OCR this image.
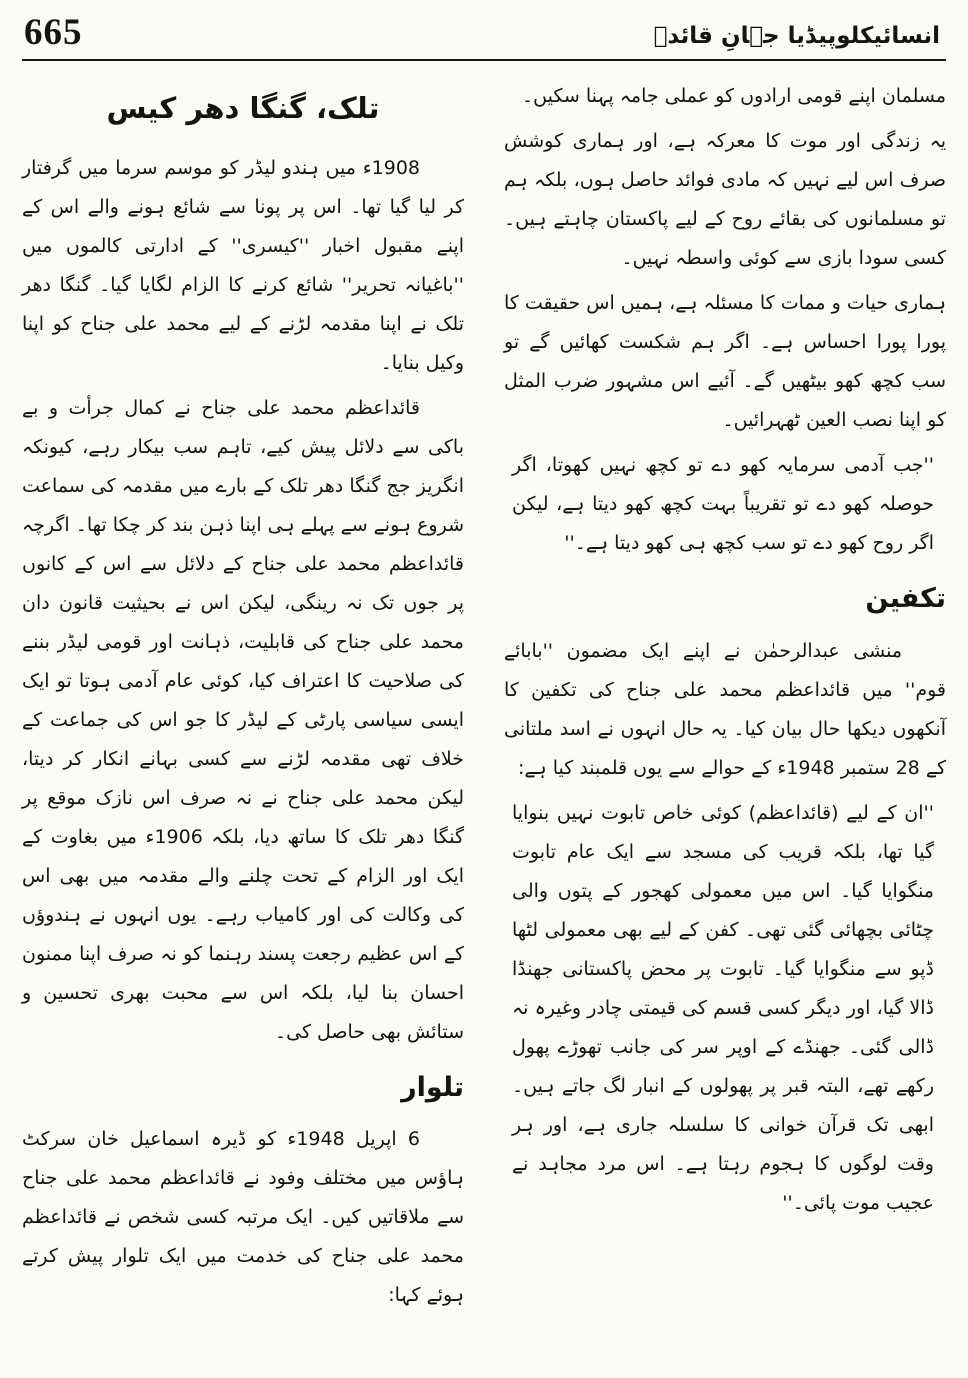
665	انسائیکلوپیڈیا جہانِ قائدؒ

مسلمان اپنے قومی ارادوں کو عملی جامہ پہنا سکیں۔

یہ زندگی اور موت کا معرکہ ہے، اور ہماری کوشش صرف اس لیے نہیں کہ مادی فوائد حاصل ہوں، بلکہ ہم تو مسلمانوں کی بقائے روح کے لیے پاکستان چاہتے ہیں۔ کسی سودا بازی سے کوئی واسطہ نہیں۔

ہماری حیات و ممات کا مسئلہ ہے، ہمیں اس حقیقت کا پورا پورا احساس ہے۔ اگر ہم شکست کھائیں گے تو سب کچھ کھو بیٹھیں گے۔ آئیے اس مشہور ضرب المثل کو اپنا نصب العین ٹھہرائیں۔

''جب آدمی سرمایہ کھو دے تو کچھ نہیں کھوتا، اگر حوصلہ کھو دے تو تقریباً بہت کچھ کھو دیتا ہے، لیکن اگر روح کھو دے تو سب کچھ ہی کھو دیتا ہے۔''

تکفین

منشی عبدالرحمٰن نے اپنے ایک مضمون ''بابائے قوم'' میں قائداعظم محمد علی جناح کی تکفین کا آنکھوں دیکھا حال بیان کیا۔ یہ حال انہوں نے اسد ملتانی کے 28 ستمبر 1948ء کے حوالے سے یوں قلمبند کیا ہے:

''ان کے لیے (قائداعظم) کوئی خاص تابوت نہیں بنوایا گیا تھا، بلکہ قریب کی مسجد سے ایک عام تابوت منگوایا گیا۔ اس میں معمولی کھجور کے پتوں والی چٹائی بچھائی گئی تھی۔ کفن کے لیے بھی معمولی لٹھا ڈپو سے منگوایا گیا۔ تابوت پر محض پاکستانی جھنڈا ڈالا گیا، اور دیگر کسی قسم کی قیمتی چادر وغیرہ نہ ڈالی گئی۔ جھنڈے کے اوپر سر کی جانب تھوڑے پھول رکھے تھے، البتہ قبر پر پھولوں کے انبار لگ جاتے ہیں۔ ابھی تک قرآن خوانی کا سلسلہ جاری ہے، اور ہر وقت لوگوں کا ہجوم رہتا ہے۔ اس مرد مجاہد نے عجیب موت پائی۔''

تلک، گنگا دھر کیس

1908ء میں ہندو لیڈر کو موسم سرما میں گرفتار کر لیا گیا تھا۔ اس پر پونا سے شائع ہونے والے اس کے اپنے مقبول اخبار ''کیسری'' کے ادارتی کالموں میں ''باغیانہ تحریر'' شائع کرنے کا الزام لگایا گیا۔ گنگا دھر تلک نے اپنا مقدمہ لڑنے کے لیے محمد علی جناح کو اپنا وکیل بنایا۔

قائداعظم محمد علی جناح نے کمال جرأت و بے باکی سے دلائل پیش کیے، تاہم سب بیکار رہے، کیونکہ انگریز جج گنگا دھر تلک کے بارے میں مقدمہ کی سماعت شروع ہونے سے پہلے ہی اپنا ذہن بند کر چکا تھا۔ اگرچہ قائداعظم محمد علی جناح کے دلائل سے اس کے کانوں پر جوں تک نہ رینگی، لیکن اس نے بحیثیت قانون دان محمد علی جناح کی قابلیت، ذہانت اور قومی لیڈر بننے کی صلاحیت کا اعتراف کیا، کوئی عام آدمی ہوتا تو ایک ایسی سیاسی پارٹی کے لیڈر کا جو اس کی جماعت کے خلاف تھی مقدمہ لڑنے سے کسی بہانے انکار کر دیتا، لیکن محمد علی جناح نے نہ صرف اس نازک موقع پر گنگا دھر تلک کا ساتھ دیا، بلکہ 1906ء میں بغاوت کے ایک اور الزام کے تحت چلنے والے مقدمہ میں بھی اس کی وکالت کی اور کامیاب رہے۔ یوں انہوں نے ہندوؤں کے اس عظیم رجعت پسند رہنما کو نہ صرف اپنا ممنون احسان بنا لیا، بلکہ اس سے محبت بھری تحسین و ستائش بھی حاصل کی۔

تلوار

6 اپریل 1948ء کو ڈیرہ اسماعیل خان سرکٹ ہاؤس میں مختلف وفود نے قائداعظم محمد علی جناح سے ملاقاتیں کیں۔ ایک مرتبہ کسی شخص نے قائداعظم محمد علی جناح کی خدمت میں ایک تلوار پیش کرتے ہوئے کہا:
